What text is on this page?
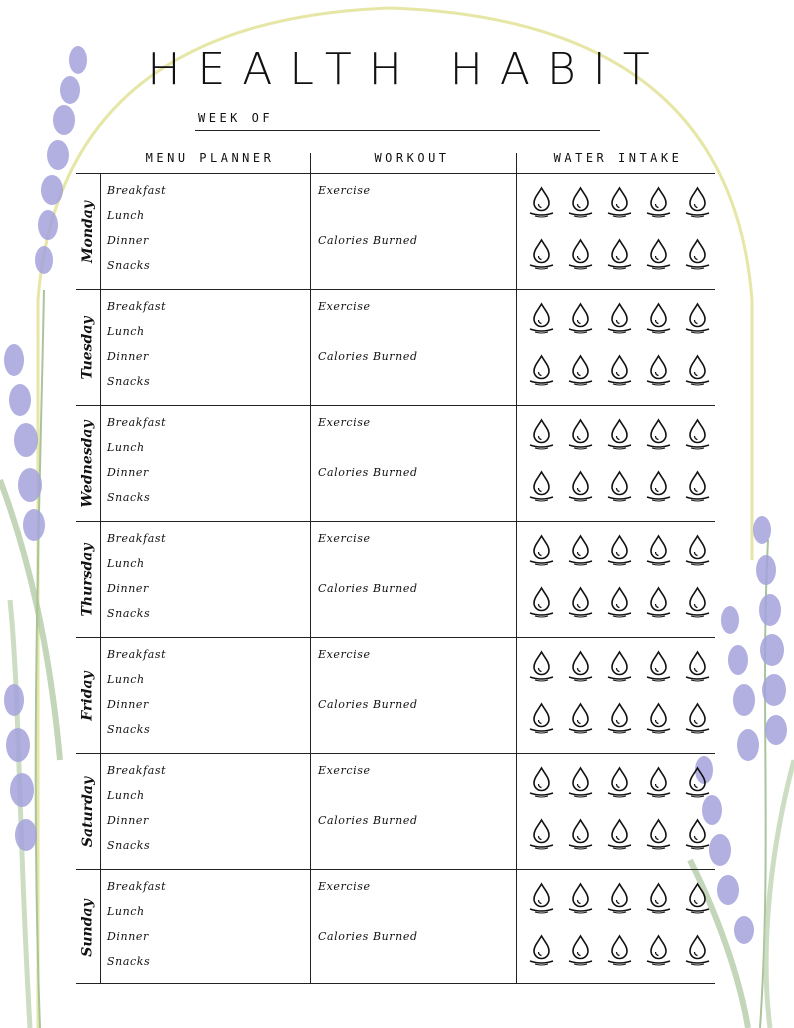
HEALTH HABIT
WEEK OF
MENU PLANNER	WORKOUT	WATER INTAKE
Monday
Breakfast
Lunch
Dinner
Snacks
Exercise
Calories Burned
Tuesday
Breakfast
Lunch
Dinner
Snacks
Exercise
Calories Burned
Wednesday Breakfast
Lunch
Dinner
Snacks
Exercise
Calories Burned
Thursday
Breakfast
Lunch
Dinner
Snacks
Exercise
Calories Burned
Friday
Breakfast
Lunch
Dinner
Snacks
Exercise
Calories Burned
Saturday
Breakfast
Lunch
Dinner
Snacks
Exercise
Calories Burned
Sunday
Breakfast
Lunch
Dinner
Snacks
Exercise
Calories Burned
